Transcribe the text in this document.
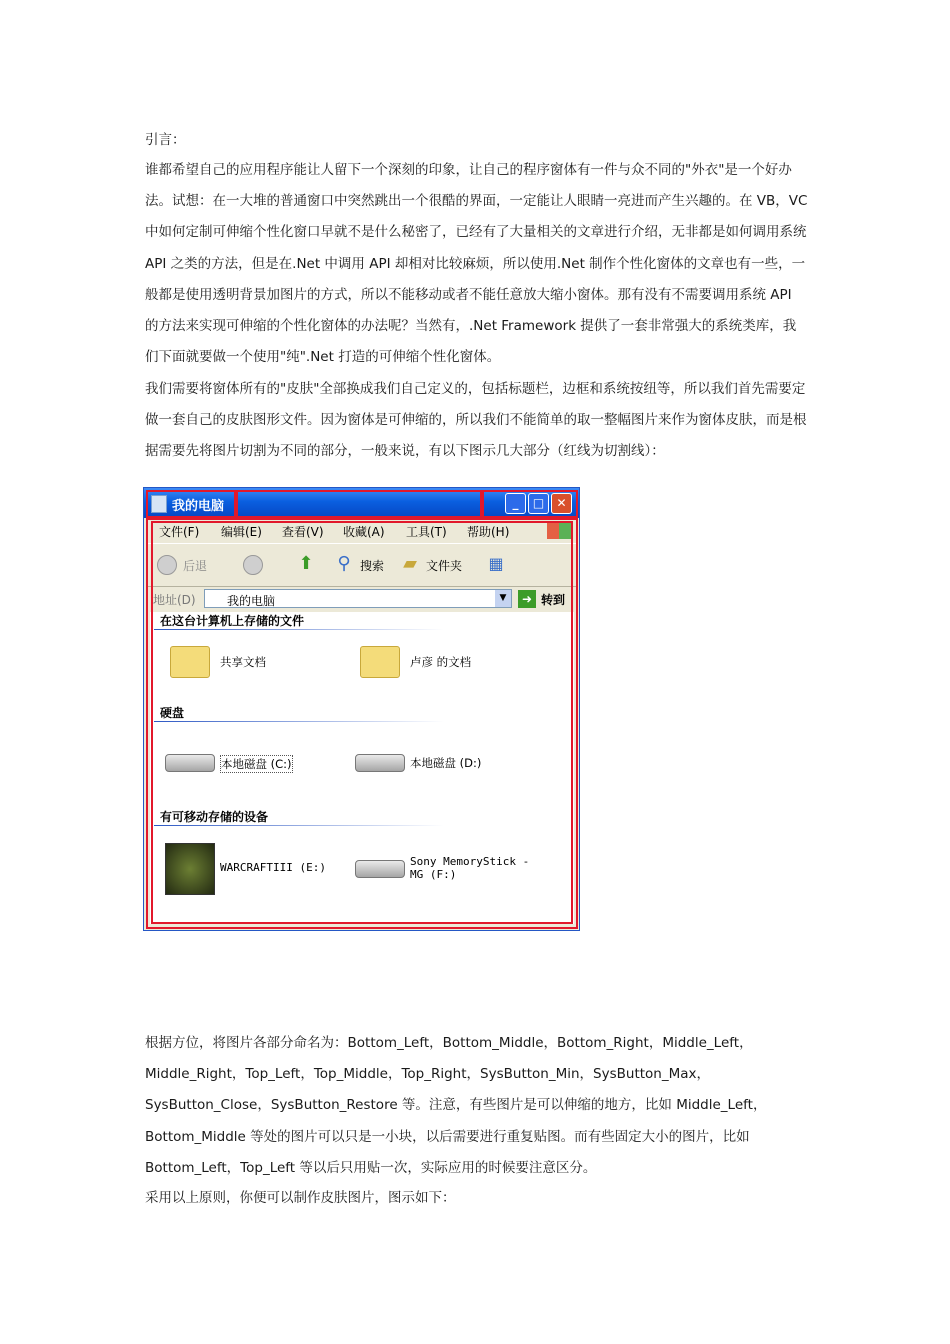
引言：

谁都希望自己的应用程序能让人留下一个深刻的印象，让自己的程序窗体有一件与众不同的"外衣"是一个好办法。试想：在一大堆的普通窗口中突然跳出一个很酷的界面，一定能让人眼睛一亮进而产生兴趣的。在 VB，VC 中如何定制可伸缩个性化窗口早就不是什么秘密了，已经有了大量相关的文章进行介绍，无非都是如何调用系统 API 之类的方法，但是在.Net 中调用 API 却相对比较麻烦，所以使用.Net 制作个性化窗体的文章也有一些，一般都是使用透明背景加图片的方式，所以不能移动或者不能任意放大缩小窗体。那有没有不需要调用系统 API 的方法来实现可伸缩的个性化窗体的办法呢？当然有，.Net Framework 提供了一套非常强大的系统类库，我们下面就要做一个使用"纯".Net 打造的可伸缩个性化窗体。

我们需要将窗体所有的"皮肤"全部换成我们自己定义的，包括标题栏，边框和系统按纽等，所以我们首先需要定做一套自己的皮肤图形文件。因为窗体是可伸缩的，所以我们不能简单的取一整幅图片来作为窗体皮肤，而是根据需要先将图片切割为不同的部分，一般来说，有以下图示几大部分（红线为切割线）：

我的电脑	_	□	✕
文件(F) 编辑(E) 查看(V) 收藏(A) 工具(T) 帮助(H)
后退	⬆ ⚲ 搜索 ▰ 文件夹 ▦
地址(D)	我的电脑	▼	➜ 转到
在这台计算机上存储的文件
共享文档	卢彦 的文档
硬盘
本地磁盘 (C:)	本地磁盘 (D:)
有可移动存储的设备
WARCRAFTIII (E:)	Sony MemoryStick - MG (F:)

根据方位，将图片各部分命名为：Bottom_Left，Bottom_Middle，Bottom_Right，Middle_Left，Middle_Right，Top_Left，Top_Middle，Top_Right，SysButton_Min，SysButton_Max，SysButton_Close，SysButton_Restore 等。注意，有些图片是可以伸缩的地方，比如 Middle_Left，Bottom_Middle 等处的图片可以只是一小块，以后需要进行重复贴图。而有些固定大小的图片，比如 Bottom_Left，Top_Left 等以后只用贴一次，实际应用的时候要注意区分。

采用以上原则，你便可以制作皮肤图片，图示如下：
